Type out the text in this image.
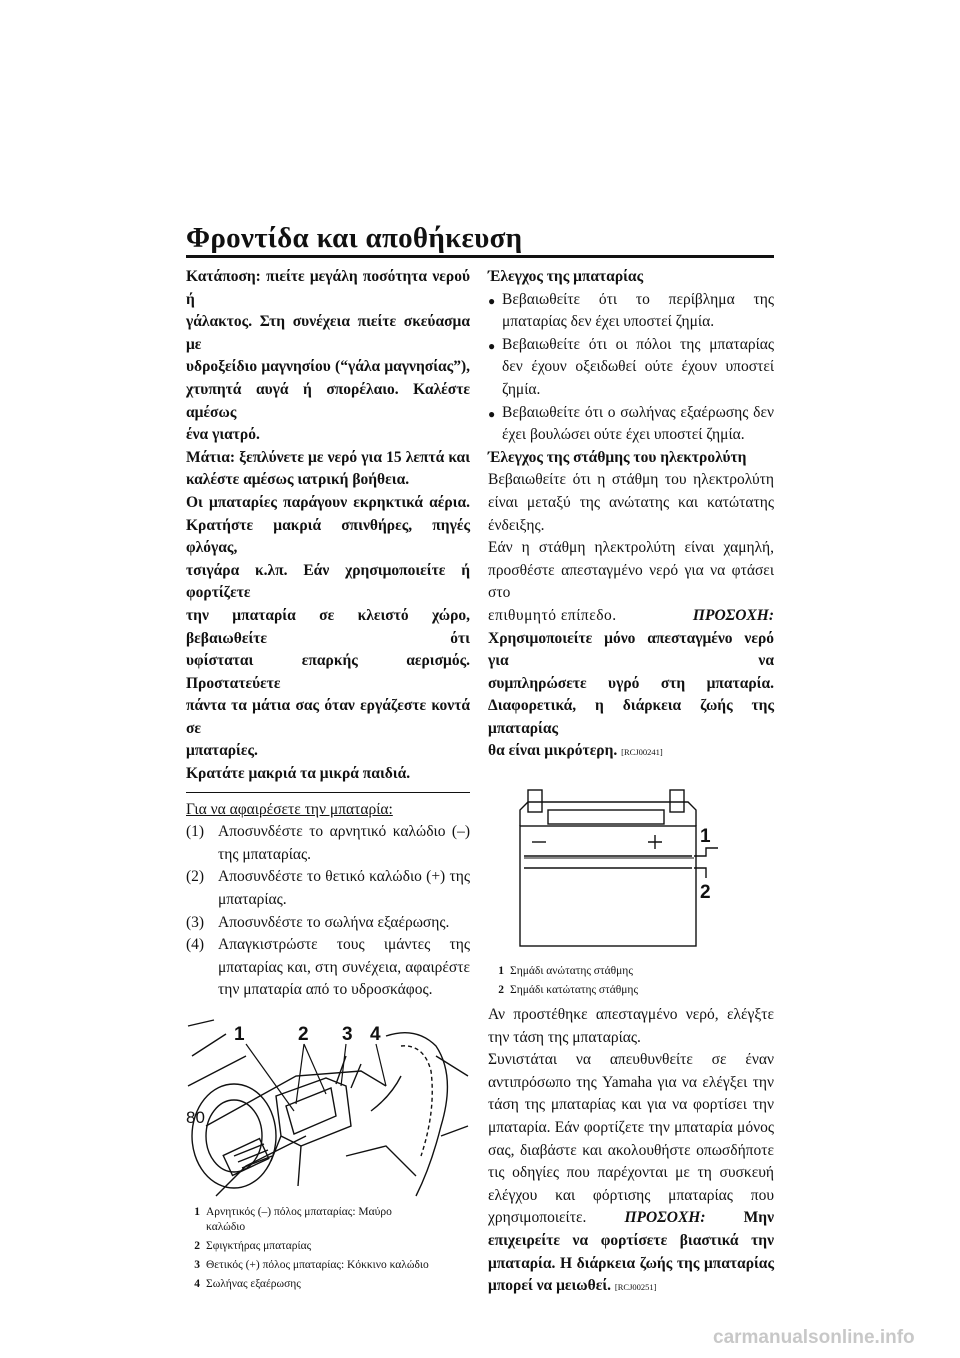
Φροντίδα και αποθήκευση
Κατάποση: πιείτε μεγάλη ποσότητα νερού ή
γάλακτος. Στη συνέχεια πιείτε σκεύασμα με
υδροξείδιο μαγνησίου (“γάλα μαγνησίας”),
χτυπητά αυγά ή σπορέλαιο. Καλέστε αμέσως
ένα γιατρό.
Μάτια: ξεπλύνετε με νερό για 15 λεπτά και
καλέστε αμέσως ιατρική βοήθεια.
Οι μπαταρίες παράγουν εκρηκτικά αέρια.
Κρατήστε μακριά σπινθήρες, πηγές φλόγας,
τσιγάρα κ.λπ. Εάν χρησιμοποιείτε ή φορτίζετε
την μπαταρία σε κλειστό χώρο, βεβαιωθείτε ότι
υφίσταται επαρκής αερισμός. Προστατεύετε
πάντα τα μάτια σας όταν εργάζεστε κοντά σε
μπαταρίες.
Κρατάτε μακριά τα μικρά παιδιά.
Για να αφαιρέσετε την μπαταρία:
(1) Αποσυνδέστε το αρνητικό καλώδιο (–) της μπαταρίας.
(2) Αποσυνδέστε το θετικό καλώδιο (+) της μπαταρίας.
(3) Αποσυνδέστε το σωλήνα εξαέρωσης.
(4) Απαγκιστρώστε τους ιμάντες της μπαταρίας και, στη συνέχεια, αφαιρέστε την μπαταρία από το υδροσκάφος.
1	2 3 4
1 Αρνητικός (–) πόλος μπαταρίας: Μαύρο καλώδιο
2 Σφιγκτήρας μπαταρίας
3 Θετικός (+) πόλος μπαταρίας: Κόκκινο καλώδιο
4 Σωλήνας εξαέρωσης
Έλεγχος της μπαταρίας
● Βεβαιωθείτε ότι το περίβλημα της μπαταρίας δεν έχει υποστεί ζημία.
● Βεβαιωθείτε ότι οι πόλοι της μπαταρίας δεν έχουν οξειδωθεί ούτε έχουν υποστεί ζημία.
● Βεβαιωθείτε ότι ο σωλήνας εξαέρωσης δεν έχει βουλώσει ούτε έχει υποστεί ζημία.
Έλεγχος της στάθμης του ηλεκτρολύτη
Βεβαιωθείτε ότι η στάθμη του ηλεκτρολύτη είναι μεταξύ της ανώτατης και κατώτατης ένδειξης.
Εάν η στάθμη ηλεκτρολύτη είναι χαμηλή,
προσθέστε απεσταγμένο νερό για να φτάσει στο
επιθυμητό επίπεδο.	ΠΡΟΣΟΧΗ:
Χρησιμοποιείτε μόνο απεσταγμένο νερό για να
συμπληρώσετε υγρό στη μπαταρία.
Διαφορετικά, η διάρκεια ζωής της μπαταρίας
θα είναι μικρότερη. [RCJ00241]
1
2
1 Σημάδι ανώτατης στάθμης
2 Σημάδι κατώτατης στάθμης
Αν προστέθηκε απεσταγμένο νερό, ελέγξτε την τάση της μπαταρίας.
Συνιστάται να απευθυνθείτε σε έναν αντιπρόσωπο της Yamaha για να ελέγξει την τάση της μπαταρίας και για να φορτίσει την μπαταρία. Εάν φορτίζετε την μπαταρία μόνος σας, διαβάστε και ακολουθήστε οπωσδήποτε τις οδηγίες που παρέχονται με τη συσκευή ελέγχου και φόρτισης μπαταρίας που χρησιμοποιείτε. ΠΡΟΣΟΧΗ: Μην επιχειρείτε να φορτίσετε βιαστικά την μπαταρία. Η διάρκεια ζωής της μπαταρίας μπορεί να μειωθεί. [RCJ00251]
80
carmanualsonline.info
